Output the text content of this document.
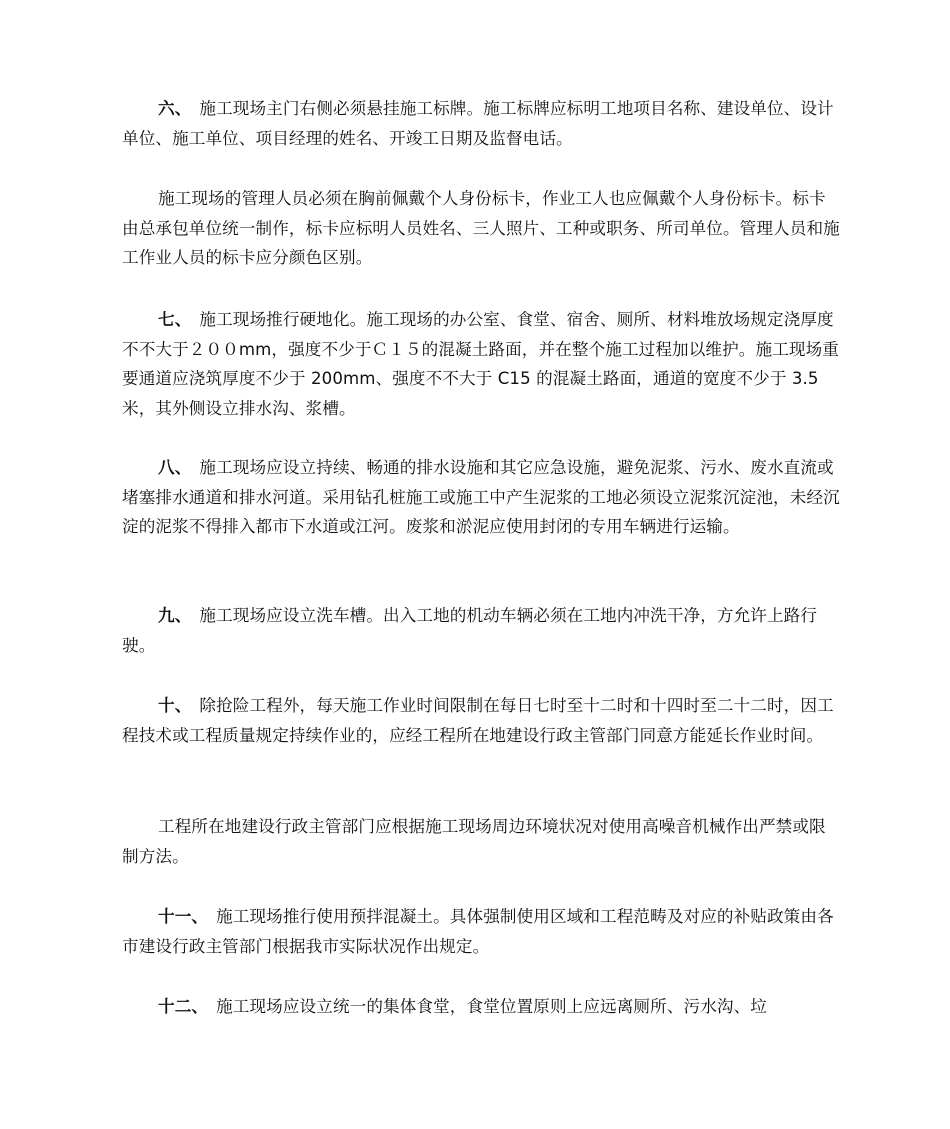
六、 施工现场主门右侧必须悬挂施工标牌。施工标牌应标明工地项目名称、建设单位、设计单位、施工单位、项目经理的姓名、开竣工日期及监督电话。

施工现场的管理人员必须在胸前佩戴个人身份标卡，作业工人也应佩戴个人身份标卡。标卡由总承包单位统一制作，标卡应标明人员姓名、三人照片、工种或职务、所司单位。管理人员和施工作业人员的标卡应分颜色区别。

七、 施工现场推行硬地化。施工现场的办公室、食堂、宿舍、厕所、材料堆放场规定浇厚度不不大于２００mm，强度不少于Ｃ１５的混凝土路面，并在整个施工过程加以维护。施工现场重要通道应浇筑厚度不少于 200mm、强度不不大于 C15 的混凝土路面，通道的宽度不少于 3.5 米，其外侧设立排水沟、浆槽。

八、 施工现场应设立持续、畅通的排水设施和其它应急设施，避免泥浆、污水、废水直流或堵塞排水通道和排水河道。采用钻孔桩施工或施工中产生泥浆的工地必须设立泥浆沉淀池，未经沉淀的泥浆不得排入都市下水道或江河。废浆和淤泥应使用封闭的专用车辆进行运输。

九、 施工现场应设立洗车槽。出入工地的机动车辆必须在工地内冲洗干净，方允许上路行驶。

十、 除抢险工程外，每天施工作业时间限制在每日七时至十二时和十四时至二十二时，因工程技术或工程质量规定持续作业的，应经工程所在地建设行政主管部门同意方能延长作业时间。

工程所在地建设行政主管部门应根据施工现场周边环境状况对使用高噪音机械作出严禁或限制方法。

十一、 施工现场推行使用预拌混凝土。具体强制使用区域和工程范畴及对应的补贴政策由各市建设行政主管部门根据我市实际状况作出规定。

十二、 施工现场应设立统一的集体食堂，食堂位置原则上应远离厕所、污水沟、垃
